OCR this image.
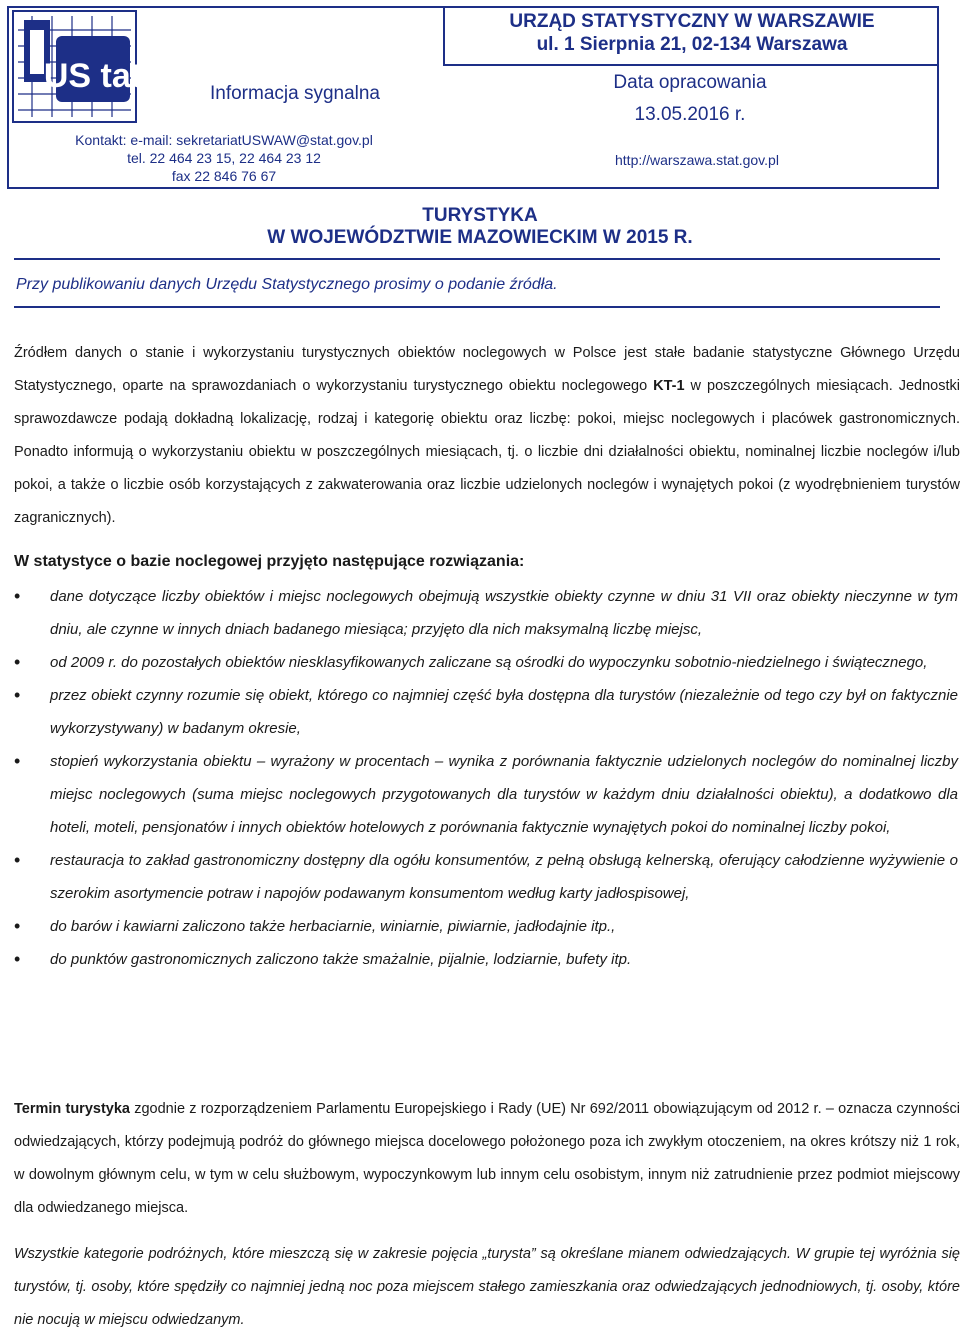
US tat
URZĄD STATYSTYCZNY W WARSZAWIE
ul. 1 Sierpnia 21, 02-134 Warszawa
Informacja sygnalna
Data opracowania
13.05.2016 r.
http://warszawa.stat.gov.pl
Kontakt: e-mail: sekretariatUSWAW@stat.gov.pl
tel. 22 464 23 15, 22 464 23 12
fax 22 846 76 67
TURYSTYKA
W WOJEWÓDZTWIE MAZOWIECKIM W 2015 R.
Przy publikowaniu danych Urzędu Statystycznego prosimy o podanie źródła.

Źródłem danych o stanie i wykorzystaniu turystycznych obiektów noclegowych w Polsce jest stałe badanie statystyczne Głównego Urzędu Statystycznego, oparte na sprawozdaniach o wykorzystaniu turystycznego obiektu noclegowego KT-1 w poszczególnych miesiącach. Jednostki sprawozdawcze podają dokładną lokalizację, rodzaj i kategorię obiektu oraz liczbę: pokoi, miejsc noclegowych i placówek gastronomicznych. Ponadto informują o wykorzystaniu obiektu w poszczególnych miesiącach, tj. o liczbie dni działalności obiektu, nominalnej liczbie noclegów i/lub pokoi, a także o liczbie osób korzystających z zakwaterowania oraz liczbie udzielonych noclegów i wynajętych pokoi (z wyodrębnieniem turystów zagranicznych).

W statystyce o bazie noclegowej przyjęto następujące rozwiązania:

• dane dotyczące liczby obiektów i miejsc noclegowych obejmują wszystkie obiekty czynne w dniu 31 VII oraz obiekty nieczynne w tym dniu, ale czynne w innych dniach badanego miesiąca; przyjęto dla nich maksymalną liczbę miejsc,
• od 2009 r. do pozostałych obiektów niesklasyfikowanych zaliczane są ośrodki do wypoczynku sobotnio-niedzielnego i świątecznego,
• przez obiekt czynny rozumie się obiekt, którego co najmniej część była dostępna dla turystów (niezależnie od tego czy był on faktycznie wykorzystywany) w badanym okresie,
• stopień wykorzystania obiektu – wyrażony w procentach – wynika z porównania faktycznie udzielonych noclegów do nominalnej liczby miejsc noclegowych (suma miejsc noclegowych przygotowanych dla turystów w każdym dniu działalności obiektu), a dodatkowo dla hoteli, moteli, pensjonatów i innych obiektów hotelowych z porównania faktycznie wynajętych pokoi do nominalnej liczby pokoi,
• restauracja to zakład gastronomiczny dostępny dla ogółu konsumentów, z pełną obsługą kelnerską, oferujący całodzienne wyżywienie o szerokim asortymencie potraw i napojów podawanym konsumentom według karty jadłospisowej,
• do barów i kawiarni zaliczono także herbaciarnie, winiarnie, piwiarnie, jadłodajnie itp.,
• do punktów gastronomicznych zaliczono także smażalnie, pijalnie, lodziarnie, bufety itp.

Termin turystyka zgodnie z rozporządzeniem Parlamentu Europejskiego i Rady (UE) Nr 692/2011 obowiązującym od 2012 r. – oznacza czynności odwiedzających, którzy podejmują podróż do głównego miejsca docelowego położonego poza ich zwykłym otoczeniem, na okres krótszy niż 1 rok, w dowolnym głównym celu, w tym w celu służbowym, wypoczynkowym lub innym celu osobistym, innym niż zatrudnienie przez podmiot miejscowy dla odwiedzanego miejsca.

Wszystkie kategorie podróżnych, które mieszczą się w zakresie pojęcia „turysta” są określane mianem odwiedzających. W grupie tej wyróżnia się turystów, tj. osoby, które spędziły co najmniej jedną noc poza miejscem stałego zamieszkania oraz odwiedzających jednodniowych, tj. osoby, które nie nocują w miejscu odwiedzanym.
